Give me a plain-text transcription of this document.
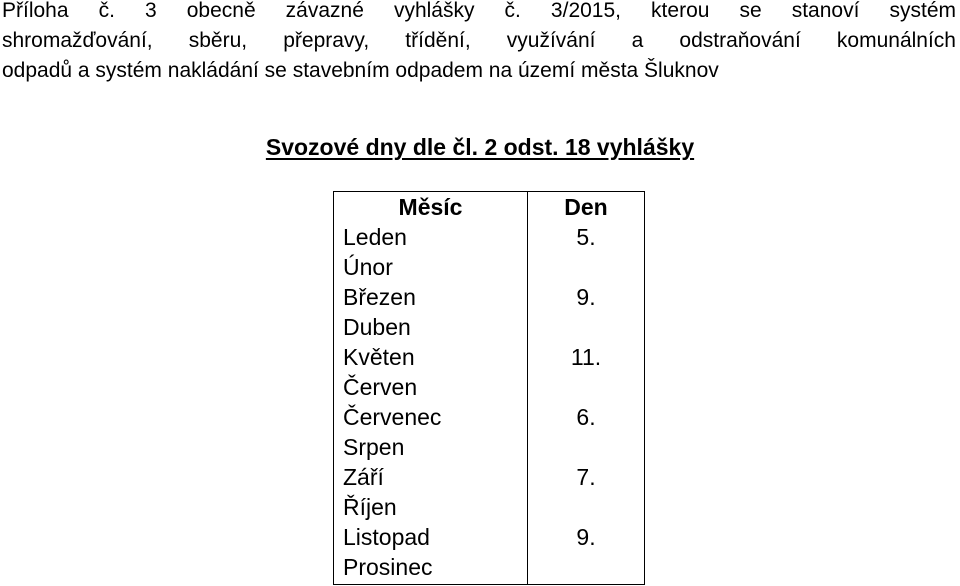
Příloha č. 3 obecně závazné vyhlášky č. 3/2015, kterou se stanoví systém
shromažďování, sběru, přepravy, třídění, využívání a odstraňování komunálních
odpadů a systém nakládání se stavebním odpadem na území města Šluknov
Svozové dny dle čl. 2 odst. 18 vyhlášky
Měsíc	Den
Leden	5.
Únor
Březen	9.
Duben
Květen	11.
Červen
Červenec	6.
Srpen
Září	7.
Říjen
Listopad	9.
Prosinec
